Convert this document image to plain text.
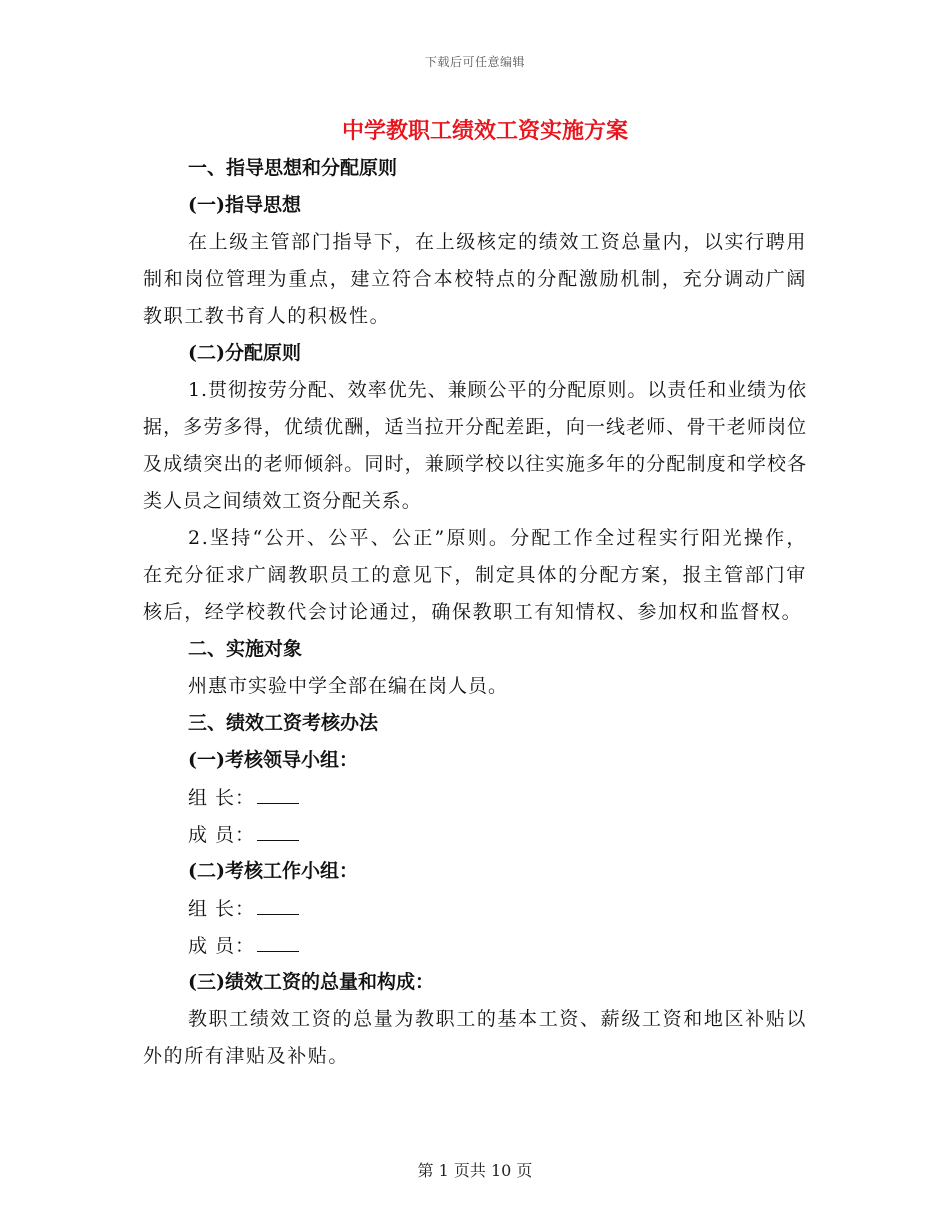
下载后可任意编辑
中学教职工绩效工资实施方案
一、指导思想和分配原则
(一)指导思想

在上级主管部门指导下，在上级核定的绩效工资总量内，以实行聘用制和岗位管理为重点，建立符合本校特点的分配激励机制，充分调动广阔教职工教书育人的积极性。

(二)分配原则

1.贯彻按劳分配、效率优先、兼顾公平的分配原则。以责任和业绩为依据，多劳多得，优绩优酬，适当拉开分配差距，向一线老师、骨干老师岗位及成绩突出的老师倾斜。同时，兼顾学校以往实施多年的分配制度和学校各类人员之间绩效工资分配关系。

2.坚持“公开、公平、公正”原则。分配工作全过程实行阳光操作，在充分征求广阔教职员工的意见下，制定具体的分配方案，报主管部门审核后，经学校教代会讨论通过，确保教职工有知情权、参加权和监督权。

二、实施对象
州惠市实验中学全部在编在岗人员。
三、绩效工资考核办法
(一)考核领导小组：
组 长：
成 员：
(二)考核工作小组：
组 长：
成 员：
(三)绩效工资的总量和构成：

教职工绩效工资的总量为教职工的基本工资、薪级工资和地区补贴以外的所有津贴及补贴。

第 1 页共 10 页
